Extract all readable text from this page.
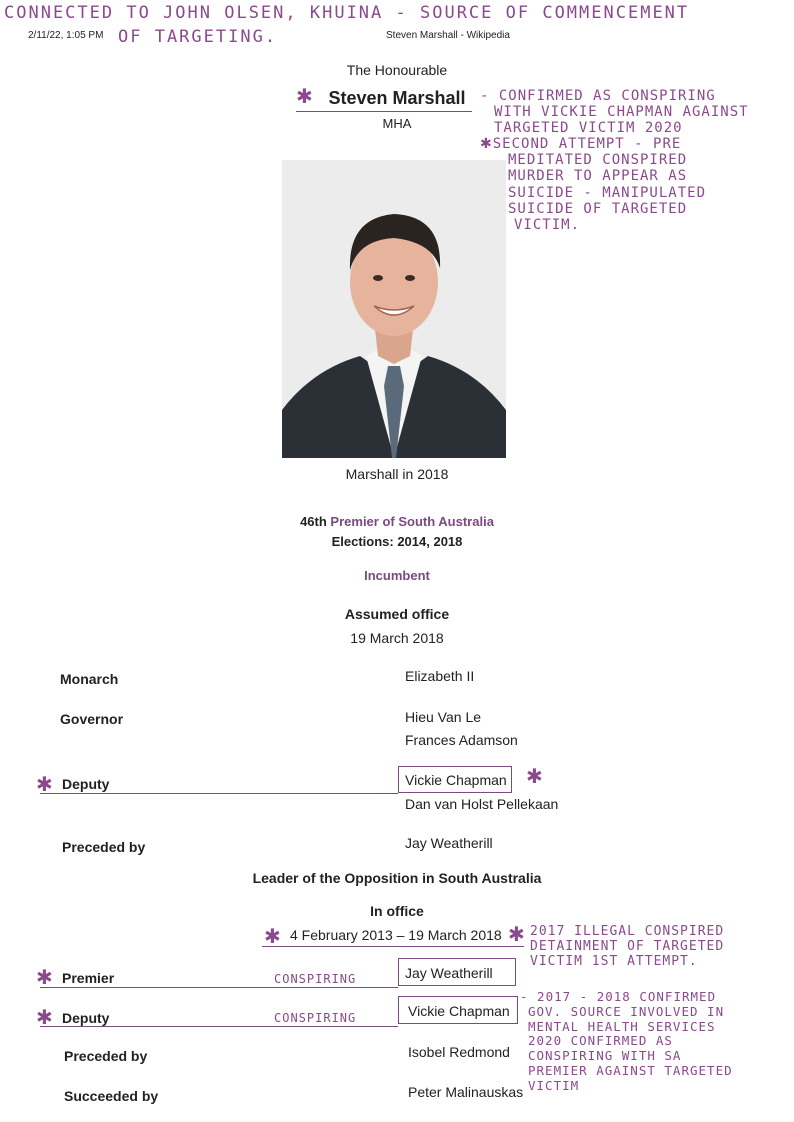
CONNECTED TO JOHN OLSEN, KHUINA - SOURCE OF COMMENCEMENT
OF TARGETING.
2/11/22, 1:05 PM	Steven Marshall - Wikipedia
The Honourable
✱ Steven Marshall
MHA
- CONFIRMED AS CONSPIRING
WITH VICKIE CHAPMAN AGAINST
TARGETED VICTIM 2020
✱SECOND ATTEMPT - PRE
MEDITATED CONSPIRED
MURDER TO APPEAR AS
SUICIDE - MANIPULATED
SUICIDE OF TARGETED
VICTIM.
Marshall in 2018
46th Premier of South Australia
Elections: 2014, 2018
Incumbent
Assumed office
19 March 2018
Monarch	Elizabeth II
Governor	Hieu Van Le
Frances Adamson
✱ Deputy	Vickie Chapman ✱
Dan van Holst Pellekaan
Preceded by	Jay Weatherill
Leader of the Opposition in South Australia
In office
✱ 4 February 2013 – 19 March 2018 ✱ 2017 ILLEGAL CONSPIRED
DETAINMENT OF TARGETED
VICTIM 1ST ATTEMPT.
✱ Premier	CONSPIRING	Jay Weatherill
✱ Deputy	CONSPIRING	Vickie Chapman
Preceded by	Isobel Redmond
Succeeded by	Peter Malinauskas
- 2017 - 2018 CONFIRMED
GOV. SOURCE INVOLVED IN
MENTAL HEALTH SERVICES
2020 CONFIRMED AS
CONSPIRING WITH SA
PREMIER AGAINST TARGETED
VICTIM
